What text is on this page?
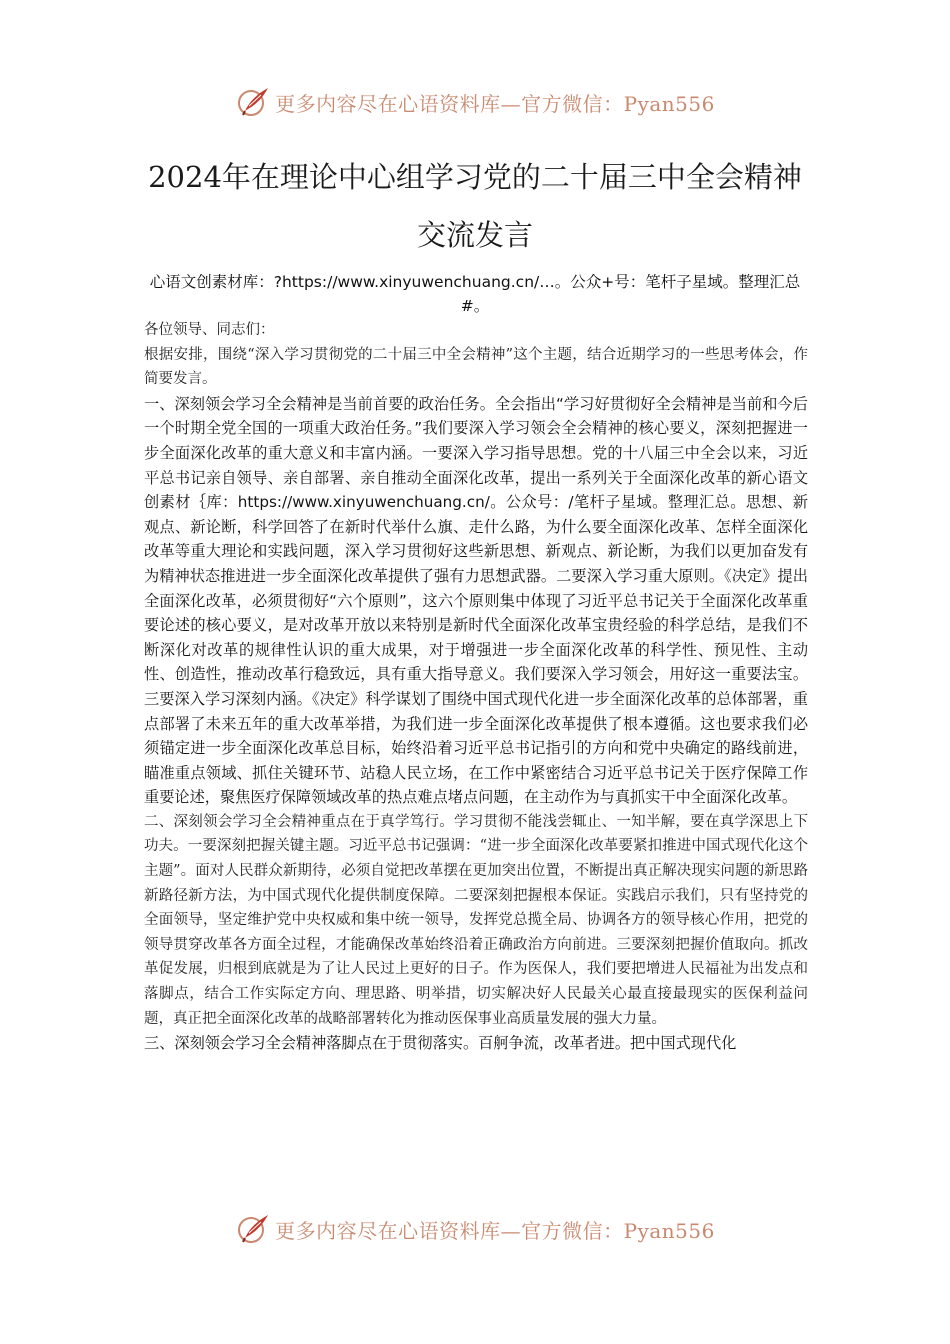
更多内容尽在心语资料库—官方微信：Pyan556
2024年在理论中心组学习党的二十届三中全会精神
交流发言
心语文创素材库：?https://www.xinyuwenchuang.cn/…。公众+号：笔杆子星域。整理汇总#。

各位领导、同志们：

根据安排，围绕“深入学习贯彻党的二十届三中全会精神”这个主题，结合近期学习的一些思考体会，作简要发言。

一、深刻领会学习全会精神是当前首要的政治任务。全会指出“学习好贯彻好全会精神是当前和今后一个时期全党全国的一项重大政治任务。”我们要深入学习领会全会精神的核心要义，深刻把握进一步全面深化改革的重大意义和丰富内涵。一要深入学习指导思想。党的十八届三中全会以来，习近平总书记亲自领导、亲自部署、亲自推动全面深化改革，提出一系列关于全面深化改革的新心语文创素材｛库：https://www.xinyuwenchuang.cn/。公众号：/笔杆子星域。整理汇总。思想、新观点、新论断，科学回答了在新时代举什么旗、走什么路，为什么要全面深化改革、怎样全面深化改革等重大理论和实践问题，深入学习贯彻好这些新思想、新观点、新论断，为我们以更加奋发有为精神状态推进进一步全面深化改革提供了强有力思想武器。二要深入学习重大原则。《决定》提出全面深化改革，必须贯彻好“六个原则”，这六个原则集中体现了习近平总书记关于全面深化改革重要论述的核心要义，是对改革开放以来特别是新时代全面深化改革宝贵经验的科学总结，是我们不断深化对改革的规律性认识的重大成果，对于增强进一步全面深化改革的科学性、预见性、主动性、创造性，推动改革行稳致远，具有重大指导意义。我们要深入学习领会，用好这一重要法宝。三要深入学习深刻内涵。《决定》科学谋划了围绕中国式现代化进一步全面深化改革的总体部署，重点部署了未来五年的重大改革举措，为我们进一步全面深化改革提供了根本遵循。这也要求我们必须锚定进一步全面深化改革总目标，始终沿着习近平总书记指引的方向和党中央确定的路线前进，瞄准重点领域、抓住关键环节、站稳人民立场，在工作中紧密结合习近平总书记关于医疗保障工作重要论述，聚焦医疗保障领域改革的热点难点堵点问题，在主动作为与真抓实干中全面深化改革。

二、深刻领会学习全会精神重点在于真学笃行。学习贯彻不能浅尝辄止、一知半解，要在真学深思上下功夫。一要深刻把握关键主题。习近平总书记强调：“进一步全面深化改革要紧扣推进中国式现代化这个主题”。面对人民群众新期待，必须自觉把改革摆在更加突出位置，不断提出真正解决现实问题的新思路新路径新方法，为中国式现代化提供制度保障。二要深刻把握根本保证。实践启示我们，只有坚持党的全面领导，坚定维护党中央权威和集中统一领导，发挥党总揽全局、协调各方的领导核心作用，把党的领导贯穿改革各方面全过程，才能确保改革始终沿着正确政治方向前进。三要深刻把握价值取向。抓改革促发展，归根到底就是为了让人民过上更好的日子。作为医保人，我们要把增进人民福祉为出发点和落脚点，结合工作实际定方向、理思路、明举措，切实解决好人民最关心最直接最现实的医保利益问题，真正把全面深化改革的战略部署转化为推动医保事业高质量发展的强大力量。

三、深刻领会学习全会精神落脚点在于贯彻落实。百舸争流，改革者进。把中国式现代化

更多内容尽在心语资料库—官方微信：Pyan556
